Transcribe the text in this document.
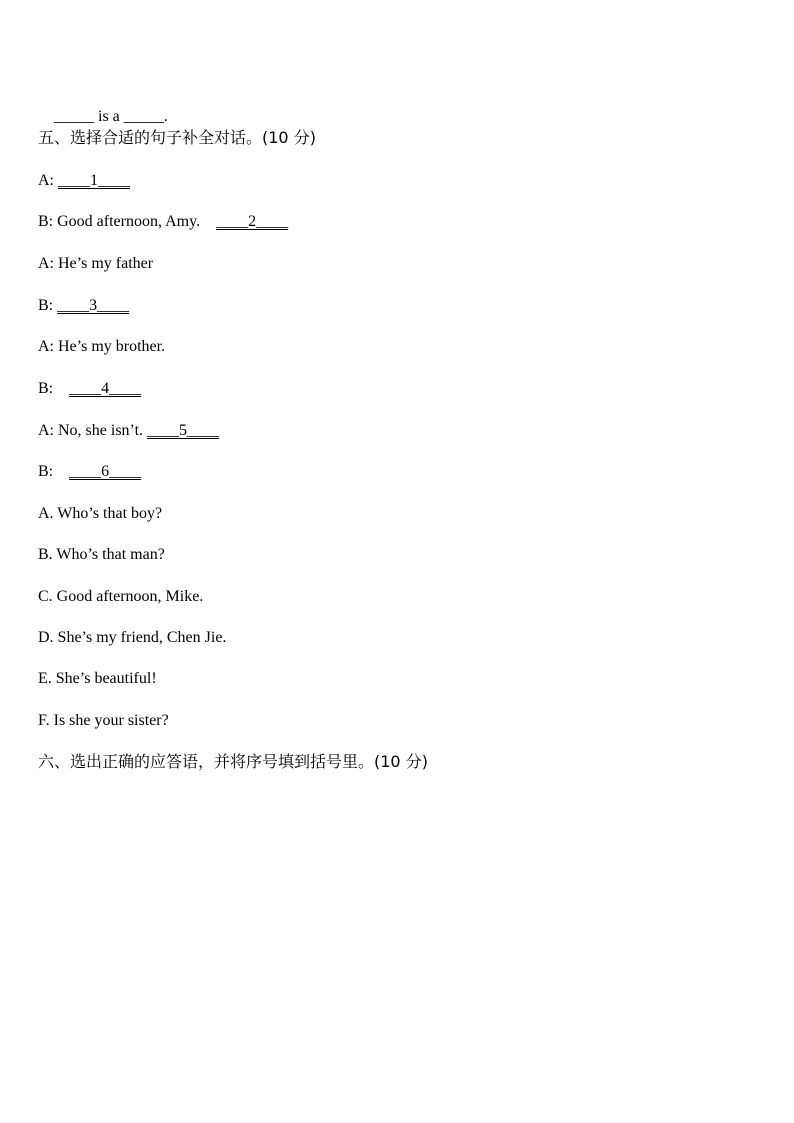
_____ is a _____.

五、选择合适的句子补全对话。(10 分)
A: ____1____
B: Good afternoon, Amy. ____2____
A: He’s my father
B: ____3____
A: He’s my brother.
B:    ____4____
A: No, she isn’t. ____5____
B:    ____6____
A. Who’s that boy?
B. Who’s that man?
C. Good afternoon, Mike.
D. She’s my friend, Chen Jie.
E. She’s beautiful!
F. Is she your sister?
六、选出正确的应答语，并将序号填到括号里。(10 分)
